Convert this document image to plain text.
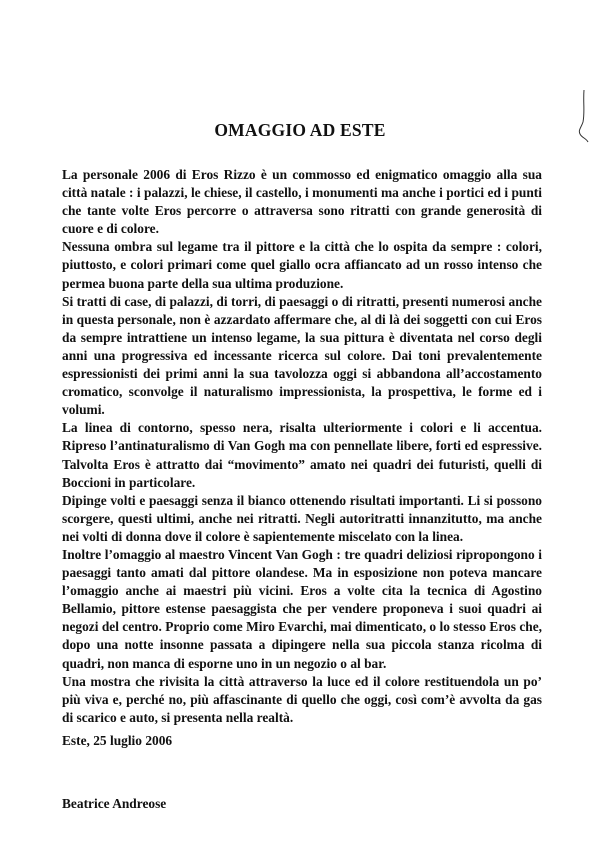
OMAGGIO AD ESTE

La personale 2006 di Eros Rizzo è un commosso ed enigmatico omaggio alla sua città natale : i palazzi, le chiese, il castello, i monumenti ma anche i portici ed i punti che tante volte Eros percorre o attraversa sono ritratti con grande generosità di cuore e di colore.

Nessuna ombra sul legame tra il pittore e la città che lo ospita da sempre : colori, piuttosto, e colori primari come quel giallo ocra affiancato ad un rosso intenso che permea buona parte della sua ultima produzione.

Si tratti di case, di palazzi, di torri, di paesaggi o di ritratti, presenti numerosi anche in questa personale, non è azzardato affermare che, al di là dei soggetti con cui Eros da sempre intrattiene un intenso legame, la sua pittura è diventata nel corso degli anni una progressiva ed incessante ricerca sul colore. Dai toni prevalentemente espressionisti dei primi anni la sua tavolozza oggi si abbandona all’accostamento cromatico, sconvolge il naturalismo impressionista, la prospettiva, le forme ed i volumi.

La linea di contorno, spesso nera, risalta ulteriormente i colori e li accentua. Ripreso l’antinaturalismo di Van Gogh ma con pennellate libere, forti ed espressive. Talvolta Eros è attratto dai “movimento” amato nei quadri dei futuristi, quelli di Boccioni in particolare.

Dipinge volti e paesaggi senza il bianco ottenendo risultati importanti. Li si possono scorgere, questi ultimi, anche nei ritratti. Negli autoritratti innanzitutto, ma anche nei volti di donna dove il colore è sapientemente miscelato con la linea.

Inoltre l’omaggio al maestro Vincent Van Gogh : tre quadri deliziosi ripropongono i paesaggi tanto amati dal pittore olandese. Ma in esposizione non poteva mancare l’omaggio anche ai maestri più vicini. Eros a volte cita la tecnica di Agostino Bellamio, pittore estense paesaggista che per vendere proponeva i suoi quadri ai negozi del centro. Proprio come Miro Evarchi, mai dimenticato, o lo stesso Eros che, dopo una notte insonne passata a dipingere nella sua piccola stanza ricolma di quadri, non manca di esporne uno in un negozio o al bar.

Una mostra che rivisita la città attraverso la luce ed il colore restituendola un po’ più viva e, perché no, più affascinante di quello che oggi, così com’è avvolta da gas di scarico e auto, si presenta nella realtà.

Este, 25 luglio 2006
Beatrice Andreose
